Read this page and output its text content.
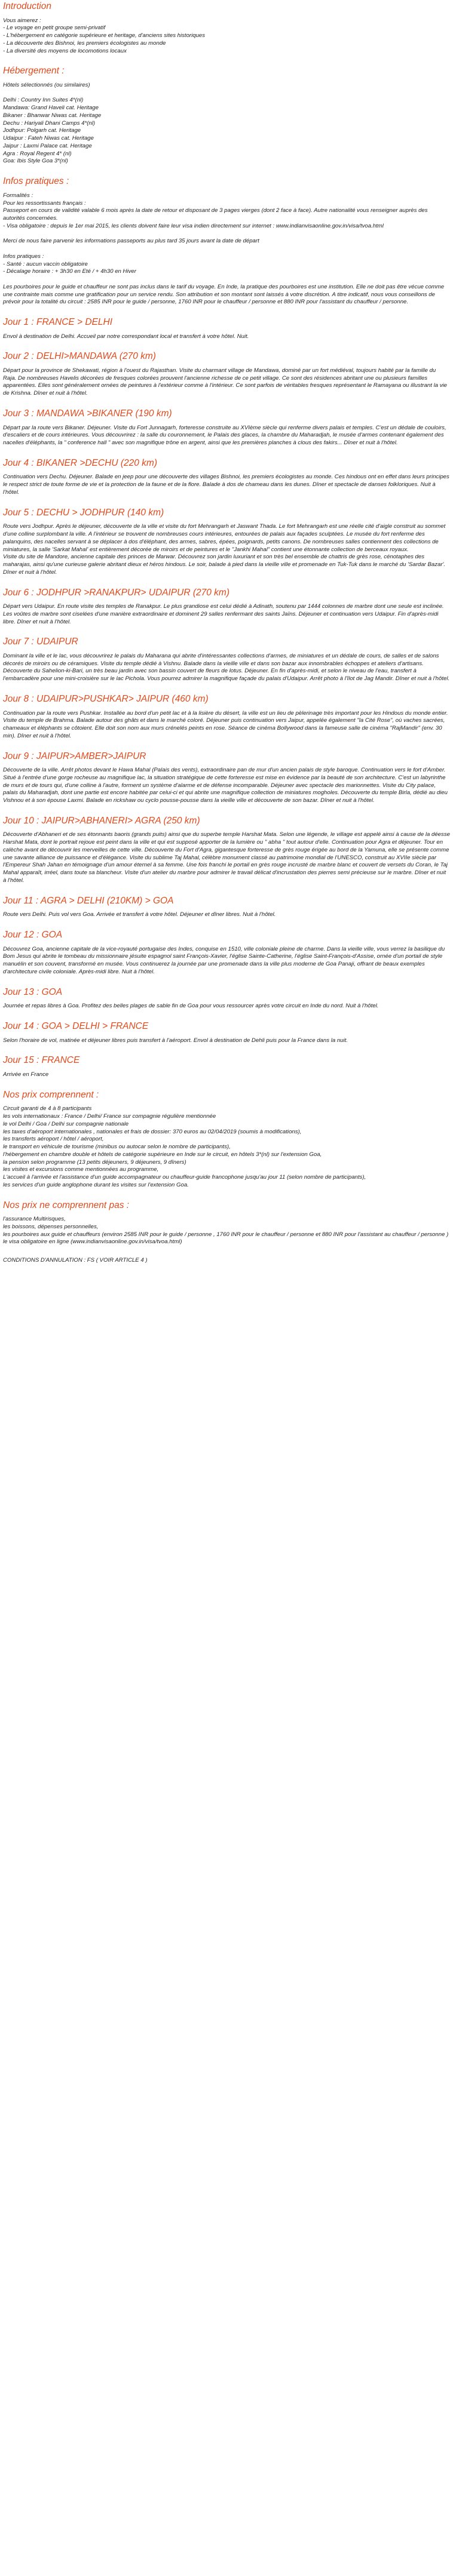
Introduction
Vous aimerez :
- Le voyage en petit groupe semi-privatif
- L'hébergement en catégorie supérieure et heritage, d'anciens sites historiques
- La découverte des Bishnoi, les premiers écologistes au monde
- La diversité des moyens de locomotions locaux
Hébergement :
Hôtels sélectionnés (ou similaires)

Delhi : Country Inn Suites 4*(nl)
Mandawa: Grand Haveli cat. Heritage
Bikaner : Bhanwar Niwas cat. Heritage
Dechu : Hariyali Dhani Camps 4*(nl)
Jodhpur: Polgarh cat. Heritage
Udaipur : Fateh Niwas cat. Heritage
Jaipur : Laxmi Palace cat. Heritage
Agra : Royal Regent 4* (nl)
Goa: Ibis Style Goa 3*(nl)
Infos pratiques :
Formalités :
Pour les ressortissants français :
Passeport en cours de validité valable 6 mois après la date de retour et disposant de 3 pages vierges (dont 2 face à face). Autre nationalité vous renseigner auprès des autorités concernées.
- Visa obligatoire : depuis le 1er mai 2015, les clients doivent faire leur visa indien directement sur internet : www.indianvisaonline.gov.in/visa/tvoa.html

Merci de nous faire parvenir les informations passeports au plus tard 35 jours avant la date de départ

Infos pratiques :
- Santé : aucun vaccin obligatoire
- Décalage horaire : + 3h30 en Eté / + 4h30 en Hiver

Les pourboires pour le guide et chauffeur ne sont pas inclus dans le tarif du voyage. En Inde, la pratique des pourboires est une institution. Elle ne doit pas être vécue comme une contrainte mais comme une gratification pour un service rendu. Son attribution et son montant sont laissés à votre discrétion. A titre indicatif, nous vous conseillons de prévoir pour la totalité du circuit : 2585 INR pour le guide / personne, 1760 INR pour le chauffeur / personne et 880 INR pour l'assistant du chauffeur / personne.
Jour 1 : FRANCE > DELHI

Envol à destination de Delhi. Accueil par notre correspondant local et transfert à votre hôtel. Nuit.

Jour 2 : DELHI>MANDAWA (270 km)

Départ pour la province de Shekawati, région à l'ouest du Rajasthan. Visite du charmant village de Mandawa, dominé par un fort médiéval, toujours habité par la famille du Raja. De nombreuses Havelis décorées de fresques colorées prouvent l'ancienne richesse de ce petit village. Ce sont des résidences abritant une ou plusieurs familles apparentées. Elles sont généralement ornées de peintures à l'extérieur comme à l'intérieur. Ce sont parfois de véritables fresques représentant le Ramayana ou illustrant la vie de Krishna. Dîner et nuit à l'hôtel.

Jour 3 : MANDAWA >BIKANER (190 km)

Départ par la route vers Bikaner. Déjeuner. Visite du Fort Junnagarh, forteresse construite au XVIème siècle qui renferme divers palais et temples. C'est un dédale de couloirs, d'escaliers et de cours intérieures. Vous découvrirez : la salle du couronnement, le Palais des glaces, la chambre du Maharadjah, le musée d'armes contenant également des nacelles d'éléphants, la " conference hall " avec son magnifique trône en argent, ainsi que les premières planches à clous des fakirs... Dîner et nuit à l'hôtel.

Jour 4 : BIKANER >DECHU (220 km)

Continuation vers Dechu. Déjeuner. Balade en jeep pour une découverte des villages Bishnoi, les premiers écologistes au monde. Ces hindous ont en effet dans leurs principes le respect strict de toute forme de vie et la protection de la faune et de la flore. Balade à dos de chameau dans les dunes. Dîner et spectacle de danses folkloriques. Nuit à l'hôtel.

Jour 5 : DECHU > JODHPUR (140 km)

Route vers Jodhpur. Après le déjeuner, découverte de la ville et visite du fort Mehrangarh et Jaswant Thada. Le fort Mehrangarh est une réelle cité d'aigle construit au sommet d'une colline surplombant la ville. A l'intérieur se trouvent de nombreuses cours intérieures, entourées de palais aux façades sculptées. Le musée du fort renferme des palanquins, des nacelles servant à se déplacer à dos d'éléphant, des armes, sabres, épées, poignards, petits canons. De nombreuses salles contiennent des collections de miniatures, la salle 'Sarkat Mahal' est entièrement décorée de miroirs et de peintures et le "Jankhi Mahal" contient une étonnante collection de berceaux royaux.

Visite du site de Mandore, ancienne capitale des princes de Marwar. Découvrez son jardin luxuriant et son très bel ensemble de chattris de grès rose, cénotaphes des maharajas, ainsi qu'une curieuse galerie abritant dieux et héros hindous. Le soir, balade à pied dans la vieille ville et promenade en Tuk-Tuk dans le marché du 'Sardar Bazar'. Dîner et nuit à l'hôtel.

Jour 6 : JODHPUR >RANAKPUR> UDAIPUR (270 km)

Départ vers Udaipur. En route visite des temples de Ranakpur. Le plus grandiose est celui dédié à Adinath, soutenu par 1444 colonnes de marbre dont une seule est inclinée. Les voûtes de marbre sont ciselées d'une manière extraordinaire et dominent 29 salles renfermant des saints Jaïns. Déjeuner et continuation vers Udaipur. Fin d'après-midi libre. Dîner et nuit à l'hôtel.

Jour 7 : UDAIPUR

Dominant la ville et le lac, vous découvrirez le palais du Maharana qui abrite d'intéressantes collections d'armes, de miniatures et un dédale de cours, de salles et de salons décorés de miroirs ou de céramiques. Visite du temple dédié à Vishnu. Balade dans la vieille ville et dans son bazar aux innombrables échoppes et ateliers d'artisans. Découverte du Sahelion-ki-Bari, un très beau jardin avec son bassin couvert de fleurs de lotus. Déjeuner. En fin d'après-midi, et selon le niveau de l'eau, transfert à l'embarcadère pour une mini-croisière sur le lac Pichola. Vous pourrez admirer la magnifique façade du palais d'Udaipur. Arrêt photo à l'îlot de Jag Mandir. Dîner et nuit à l'hôtel.

Jour 8 : UDAIPUR>PUSHKAR> JAIPUR (460 km)

Continuation par la route vers Pushkar. Installée au bord d'un petit lac et à la lisière du désert, la ville est un lieu de pèlerinage très important pour les Hindous du monde entier. Visite du temple de Brahma. Balade autour des ghâts et dans le marché coloré. Déjeuner puis continuation vers Jaipur, appelée également "la Cité Rose", où vaches sacrées, chameaux et éléphants se côtoient. Elle doit son nom aux murs crénelés peints en rose. Séance de cinéma Bollywood dans la fameuse salle de cinéma "RajMandir" (env. 30 min). Dîner et nuit à l'hôtel.

Jour 9 : JAIPUR>AMBER>JAIPUR

Découverte de la ville. Arrêt photos devant le Hawa Mahal (Palais des vents), extraordinaire pan de mur d'un ancien palais de style baroque. Continuation vers le fort d'Amber. Situé à l'entrée d'une gorge rocheuse au magnifique lac, la situation stratégique de cette forteresse est mise en évidence par la beauté de son architecture. C'est un labyrinthe de murs et de tours qui, d'une colline à l'autre, forment un système d'alarme et de défense incomparable. Déjeuner avec spectacle des marionnettes. Visite du City palace, palais du Maharadjah, dont une partie est encore habitée par celui-ci et qui abrite une magnifique collection de miniatures mogholes. Découverte du temple Birla, dédié au dieu Vishnou et à son épouse Laxmi. Balade en rickshaw ou cyclo pousse-pousse dans la vieille ville et découverte de son bazar. Dîner et nuit à l'hôtel.

Jour 10 : JAIPUR>ABHANERI> AGRA (250 km)

Découverte d'Abhaneri et de ses étonnants baoris (grands puits) ainsi que du superbe temple Harshat Mata. Selon une légende, le village est appelé ainsi à cause de la déesse Harshat Mata, dont le portrait rejoue est peint dans la ville et qui est supposé apporter de la lumière ou " abha " tout autour d'elle. Continuation pour Agra et déjeuner. Tour en calèche avant de découvrir les merveilles de cette ville. Découverte du Fort d'Agra, gigantesque forteresse de grès rouge érigée au bord de la Yamuna, elle se présente comme une savante alliance de puissance et d'élégance. Visite du sublime Taj Mahal, célèbre monument classé au patrimoine mondial de l'UNESCO, construit au XVIIe siècle par l'Empereur Shah Jahan en témoignage d'un amour éternel à sa femme. Une fois franchi le portail en grès rouge incrusté de marbre blanc et couvert de versets du Coran, le Taj Mahal apparaît, irréel, dans toute sa blancheur. Visite d'un atelier du marbre pour admirer le travail délicat d'incrustation des pierres semi précieuse sur le marbre. Dîner et nuit à l'hôtel.

Jour 11 : AGRA > DELHI (210KM) > GOA

Route vers Delhi. Puis vol vers Goa. Arrivée et transfert à votre hôtel. Déjeuner et dîner libres. Nuit à l'hôtel.

Jour 12 : GOA

Découvrez Goa, ancienne capitale de la vice-royauté portugaise des Indes, conquise en 1510, ville coloniale pleine de charme. Dans la vieille ville, vous verrez la basilique du Bom Jesus qui abrite le tombeau du missionnaire jésuite espagnol saint François-Xavier, l'église Sainte-Catherine, l'église Saint-François-d'Assise, ornée d'un portail de style manuélin et son couvent, transformé en musée. Vous continuerez la journée par une promenade dans la ville plus moderne de Goa Panaji, offrant de beaux exemples d'architecture civile coloniale. Après-midi libre. Nuit à l'hôtel.

Jour 13 : GOA

Journée et repas libres à Goa. Profitez des belles plages de sable fin de Goa pour vous ressourcer après votre circuit en Inde du nord. Nuit à l'hôtel.

Jour 14 : GOA > DELHI > FRANCE

Selon l'horaire de vol, matinée et déjeuner libres puis transfert à l'aéroport. Envol à destination de Dehli puis pour la France dans la nuit.

Jour 15 : FRANCE

Arrivée en France

Nos prix comprennent :
Circuit garanti de 4 à 8 participants
les vols internationaux : France / Delhi/ France sur compagnie régulière mentionnée
le vol Delhi / Goa / Delhi sur compagnie nationale
les taxes d'aéroport internationales , nationales et frais de dossier: 370 euros au 02/04/2019 (soumis à modifications),
les transferts aéroport / hôtel / aéroport,
le transport en véhicule de tourisme (minibus ou autocar selon le nombre de participants),
l'hébergement en chambre double et hôtels de catégorie supérieure en Inde sur le circuit, en hôtels 3*(nl) sur l'extension Goa,
la pension selon programme (13 petits déjeuners, 9 déjeuners, 9 dîners)
les visites et excursions comme mentionnées au programme,
L'accueil à l'arrivée et l'assistance d'un guide accompagnateur ou chauffeur-guide francophone jusqu'au jour 11 (selon nombre de participants),
les services d'un guide anglophone durant les visites sur l'extension Goa.
Nos prix ne comprennent pas :
l'assurance Multirisques,
les boissons, dépenses personnelles,
les pourboires aux guide et chauffeurs (environ 2585 INR pour le guide / personne , 1760 INR pour le chauffeur / personne et 880 INR pour l'assistant au chauffeur / personne )
le visa obligatoire en ligne (www.indianvisaonline.gov.in/visa/tvoa.html)

CONDITIONS D'ANNULATION : FS ( VOIR ARTICLE 4 )
